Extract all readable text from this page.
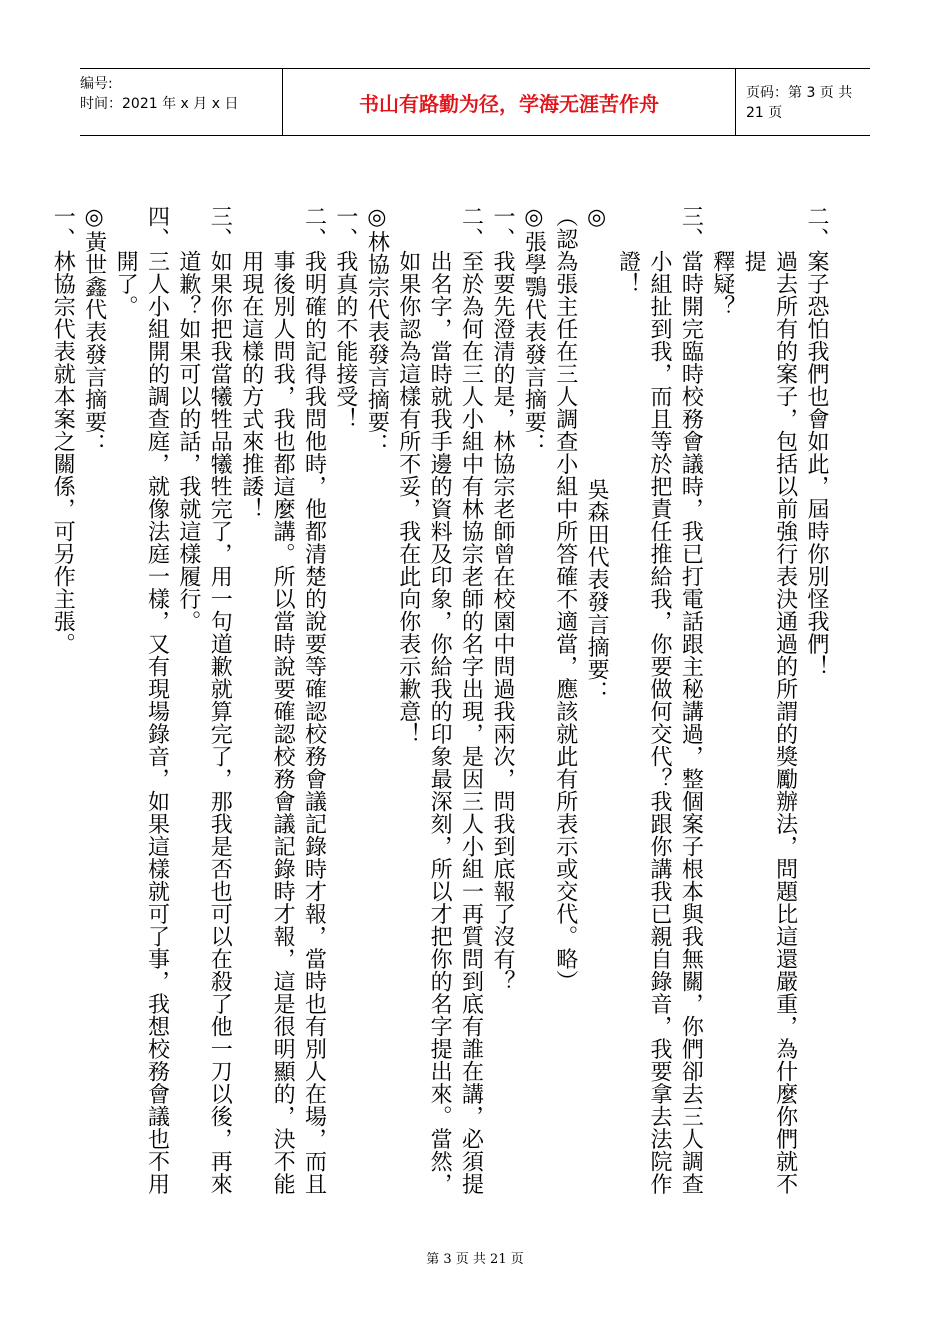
编号:
时间：2021 年 x 月 x 日	书山有路勤为径，学海无涯苦作舟	页码：第 3 页 共 21 页

二、案子恐怕我們也會如此，屆時你別怪我們！

　　過去所有的案子，包括以前強行表決通過的所謂的獎勵辦法，問題比這還嚴重，為什麼你們就不

　　提

　　釋疑？

三、當時開完臨時校務會議時，我已打電話跟主秘講過，整個案子根本與我無關，你們卻去三人調查

　　小組扯到我，而且等於把責任推給我，你要做何交代？我跟你講我已親自錄音，我要拿去法院作

　　證！

◎　　　　　　　　　　　吳森田代表發言摘要：

（認為張主任在三人調查小組中所答確不適當，應該就此有所表示或交代。略）

◎張學鶚代表發言摘要：

一、我要先澄清的是，林協宗老師曾在校園中問過我兩次，問我到底報了沒有？

二、至於為何在三人小組中有林協宗老師的名字出現，是因三人小組一再質問到底有誰在講，必須提

　　出名字，當時就我手邊的資料及印象，你給我的印象最深刻，所以才把你的名字提出來。當然，

　　如果你認為這樣有所不妥，我在此向你表示歉意！

◎林協宗代表發言摘要：

一、我真的不能接受！

二、我明確的記得我問他時，他都清楚的說要等確認校務會議記錄時才報，當時也有別人在場，而且

　　事後別人問我，我也都這麼講。所以當時說要確認校務會議記錄時才報，這是很明顯的，決不能

　　用現在這樣的方式來推諉！

三、如果你把我當犧牲品犧牲完了，用一句道歉就算完了，那我是否也可以在殺了他一刀以後，再來

　　道歉？如果可以的話，我就這樣履行。

四、三人小組開的調查庭，就像法庭一樣，又有現場錄音，如果這樣就可了事，我想校務會議也不用

　　開了。

◎黃世鑫代表發言摘要：

一、林協宗代表就本案之關係，可另作主張。

第 3 页 共 21 页
